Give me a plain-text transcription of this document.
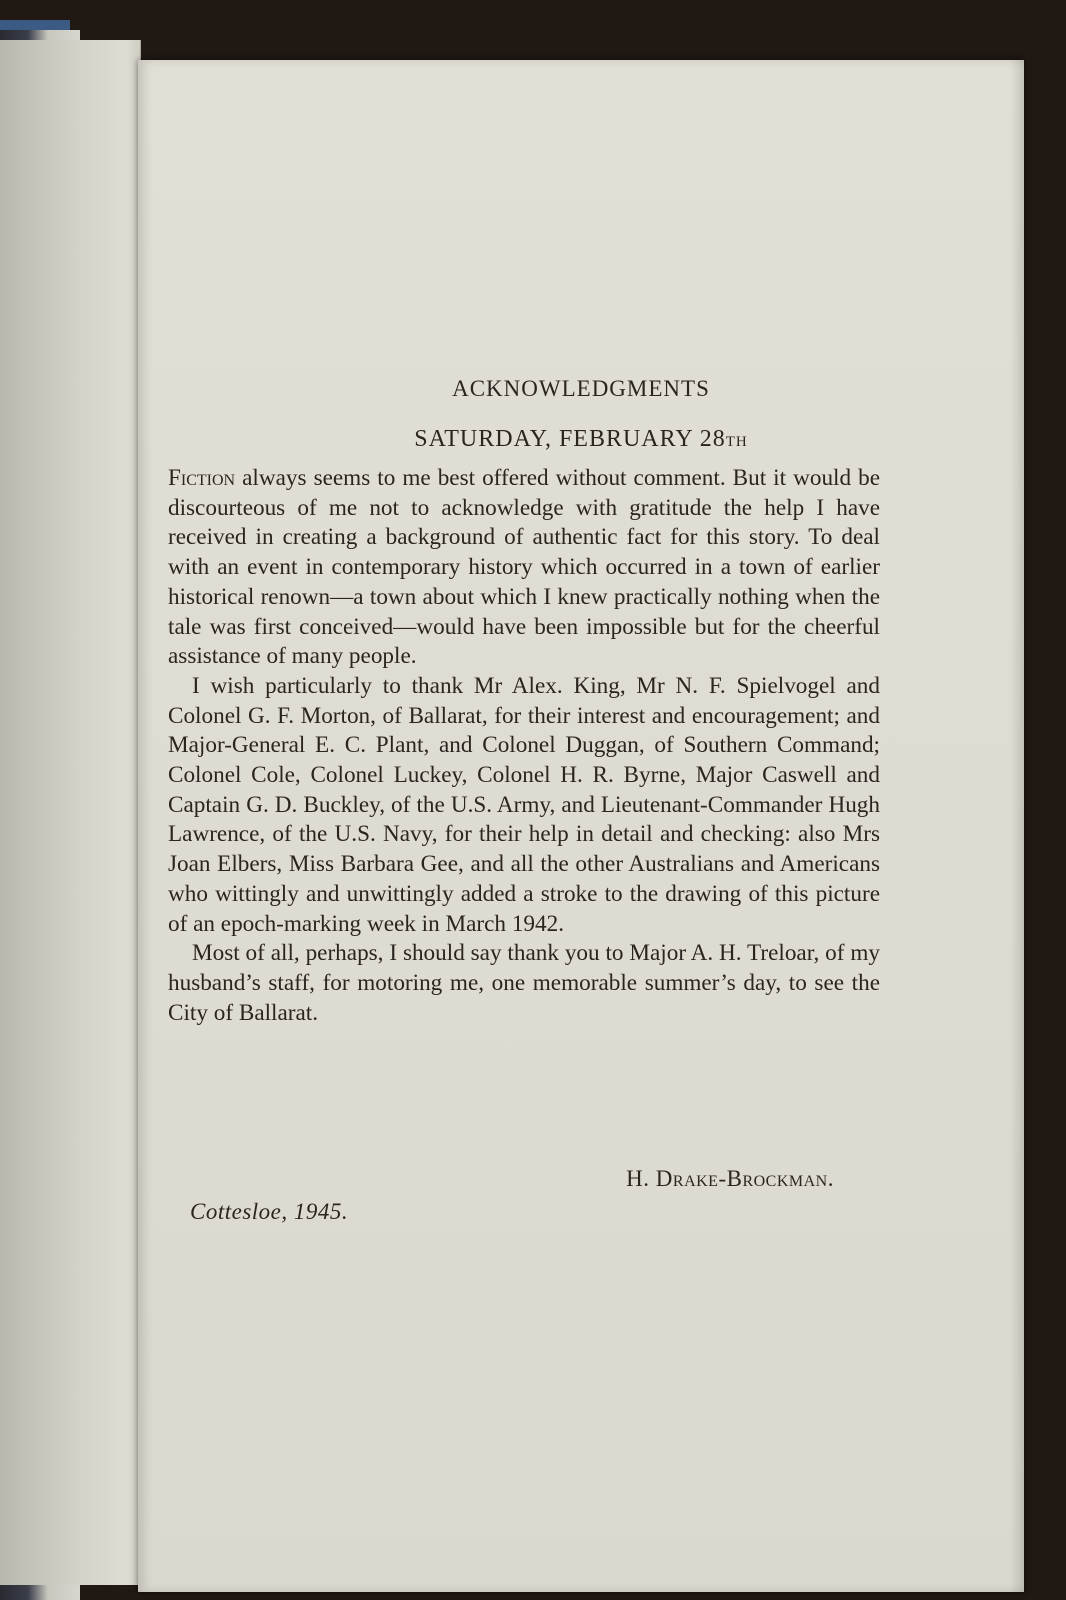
ACKNOWLEDGMENTS
SATURDAY, FEBRUARY 28TH

Fiction always seems to me best offered without comment. But it would be discourteous of me not to acknowledge with gratitude the help I have received in creating a background of authentic fact for this story. To deal with an event in contemporary history which occurred in a town of earlier historical renown—a town about which I knew practically nothing when the tale was first conceived—would have been impossible but for the cheerful assistance of many people.

I wish particularly to thank Mr Alex. King, Mr N. F. Spielvogel and Colonel G. F. Morton, of Ballarat, for their interest and encouragement; and Major-General E. C. Plant, and Colonel Duggan, of Southern Command; Colonel Cole, Colonel Luckey, Colonel H. R. Byrne, Major Caswell and Captain G. D. Buckley, of the U.S. Army, and Lieutenant-Commander Hugh Lawrence, of the U.S. Navy, for their help in detail and checking: also Mrs Joan Elbers, Miss Barbara Gee, and all the other Australians and Americans who wittingly and unwittingly added a stroke to the drawing of this picture of an epoch-marking week in March 1942.

Most of all, perhaps, I should say thank you to Major A. H. Treloar, of my husband’s staff, for motoring me, one memorable summer’s day, to see the City of Ballarat.

H. Drake-Brockman.
Cottesloe, 1945.
